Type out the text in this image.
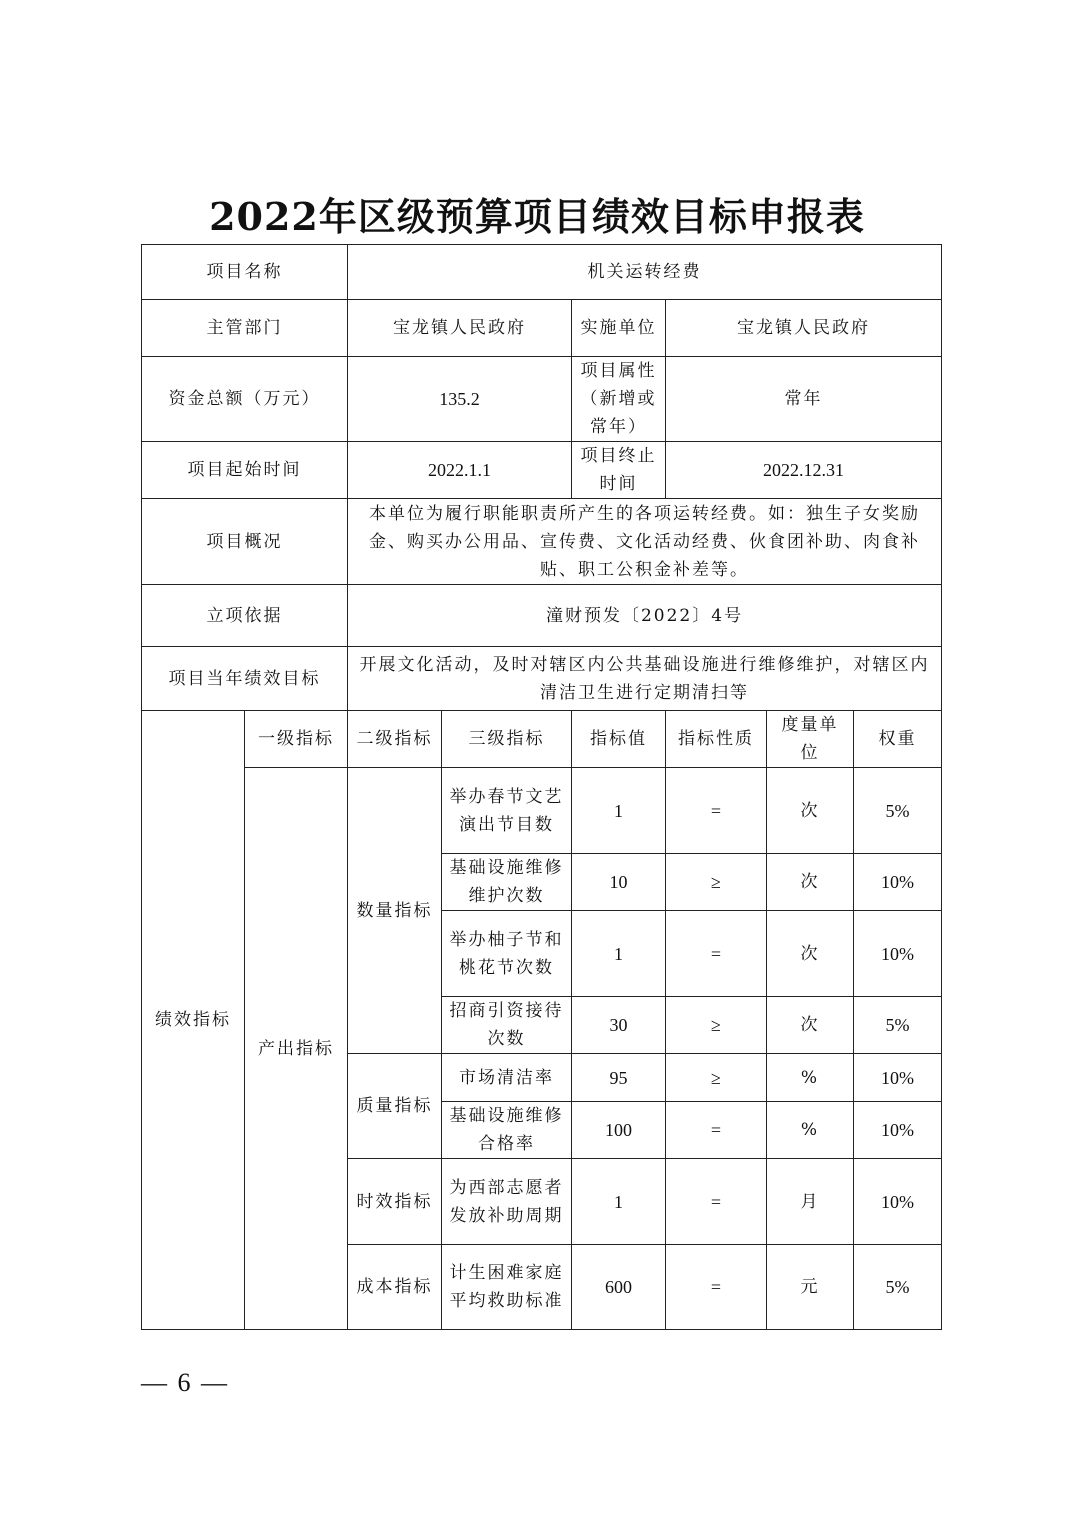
2022年区级预算项目绩效目标申报表
项目名称		机关运转经费					
主管部门		宝龙镇人民政府		实施单位	宝龙镇人民政府		
资金总额（万元）		135.2		项目属性（新增或常年）	常年		
项目起始时间		2022.1.1		项目终止时间	2022.12.31		
项目概况		本单位为履行职能职责所产生的各项运转经费。如：独生子女奖励金、购买办公用品、宣传费、文化活动经费、伙食团补助、肉食补贴、职工公积金补差等。					
立项依据		潼财预发〔2022〕4号					
项目当年绩效目标		开展文化活动，及时对辖区内公共基础设施进行维修维护，对辖区内清洁卫生进行定期清扫等					
绩效指标	一级指标	二级指标	三级指标	指标值	指标性质	度量单位	权重
	产出指标	数量指标	举办春节文艺演出节目数	1	=	次	5%
			基础设施维修维护次数	10	≥	次	10%
			举办柚子节和桃花节次数	1	=	次	10%
			招商引资接待次数	30	≥	次	5%
		质量指标	市场清洁率	95	≥	%	10%
			基础设施维修合格率	100	=	%	10%
		时效指标	为西部志愿者发放补助周期	1	=	月	10%
		成本指标	计生困难家庭平均救助标准	600	=	元	5%
— 6 —
